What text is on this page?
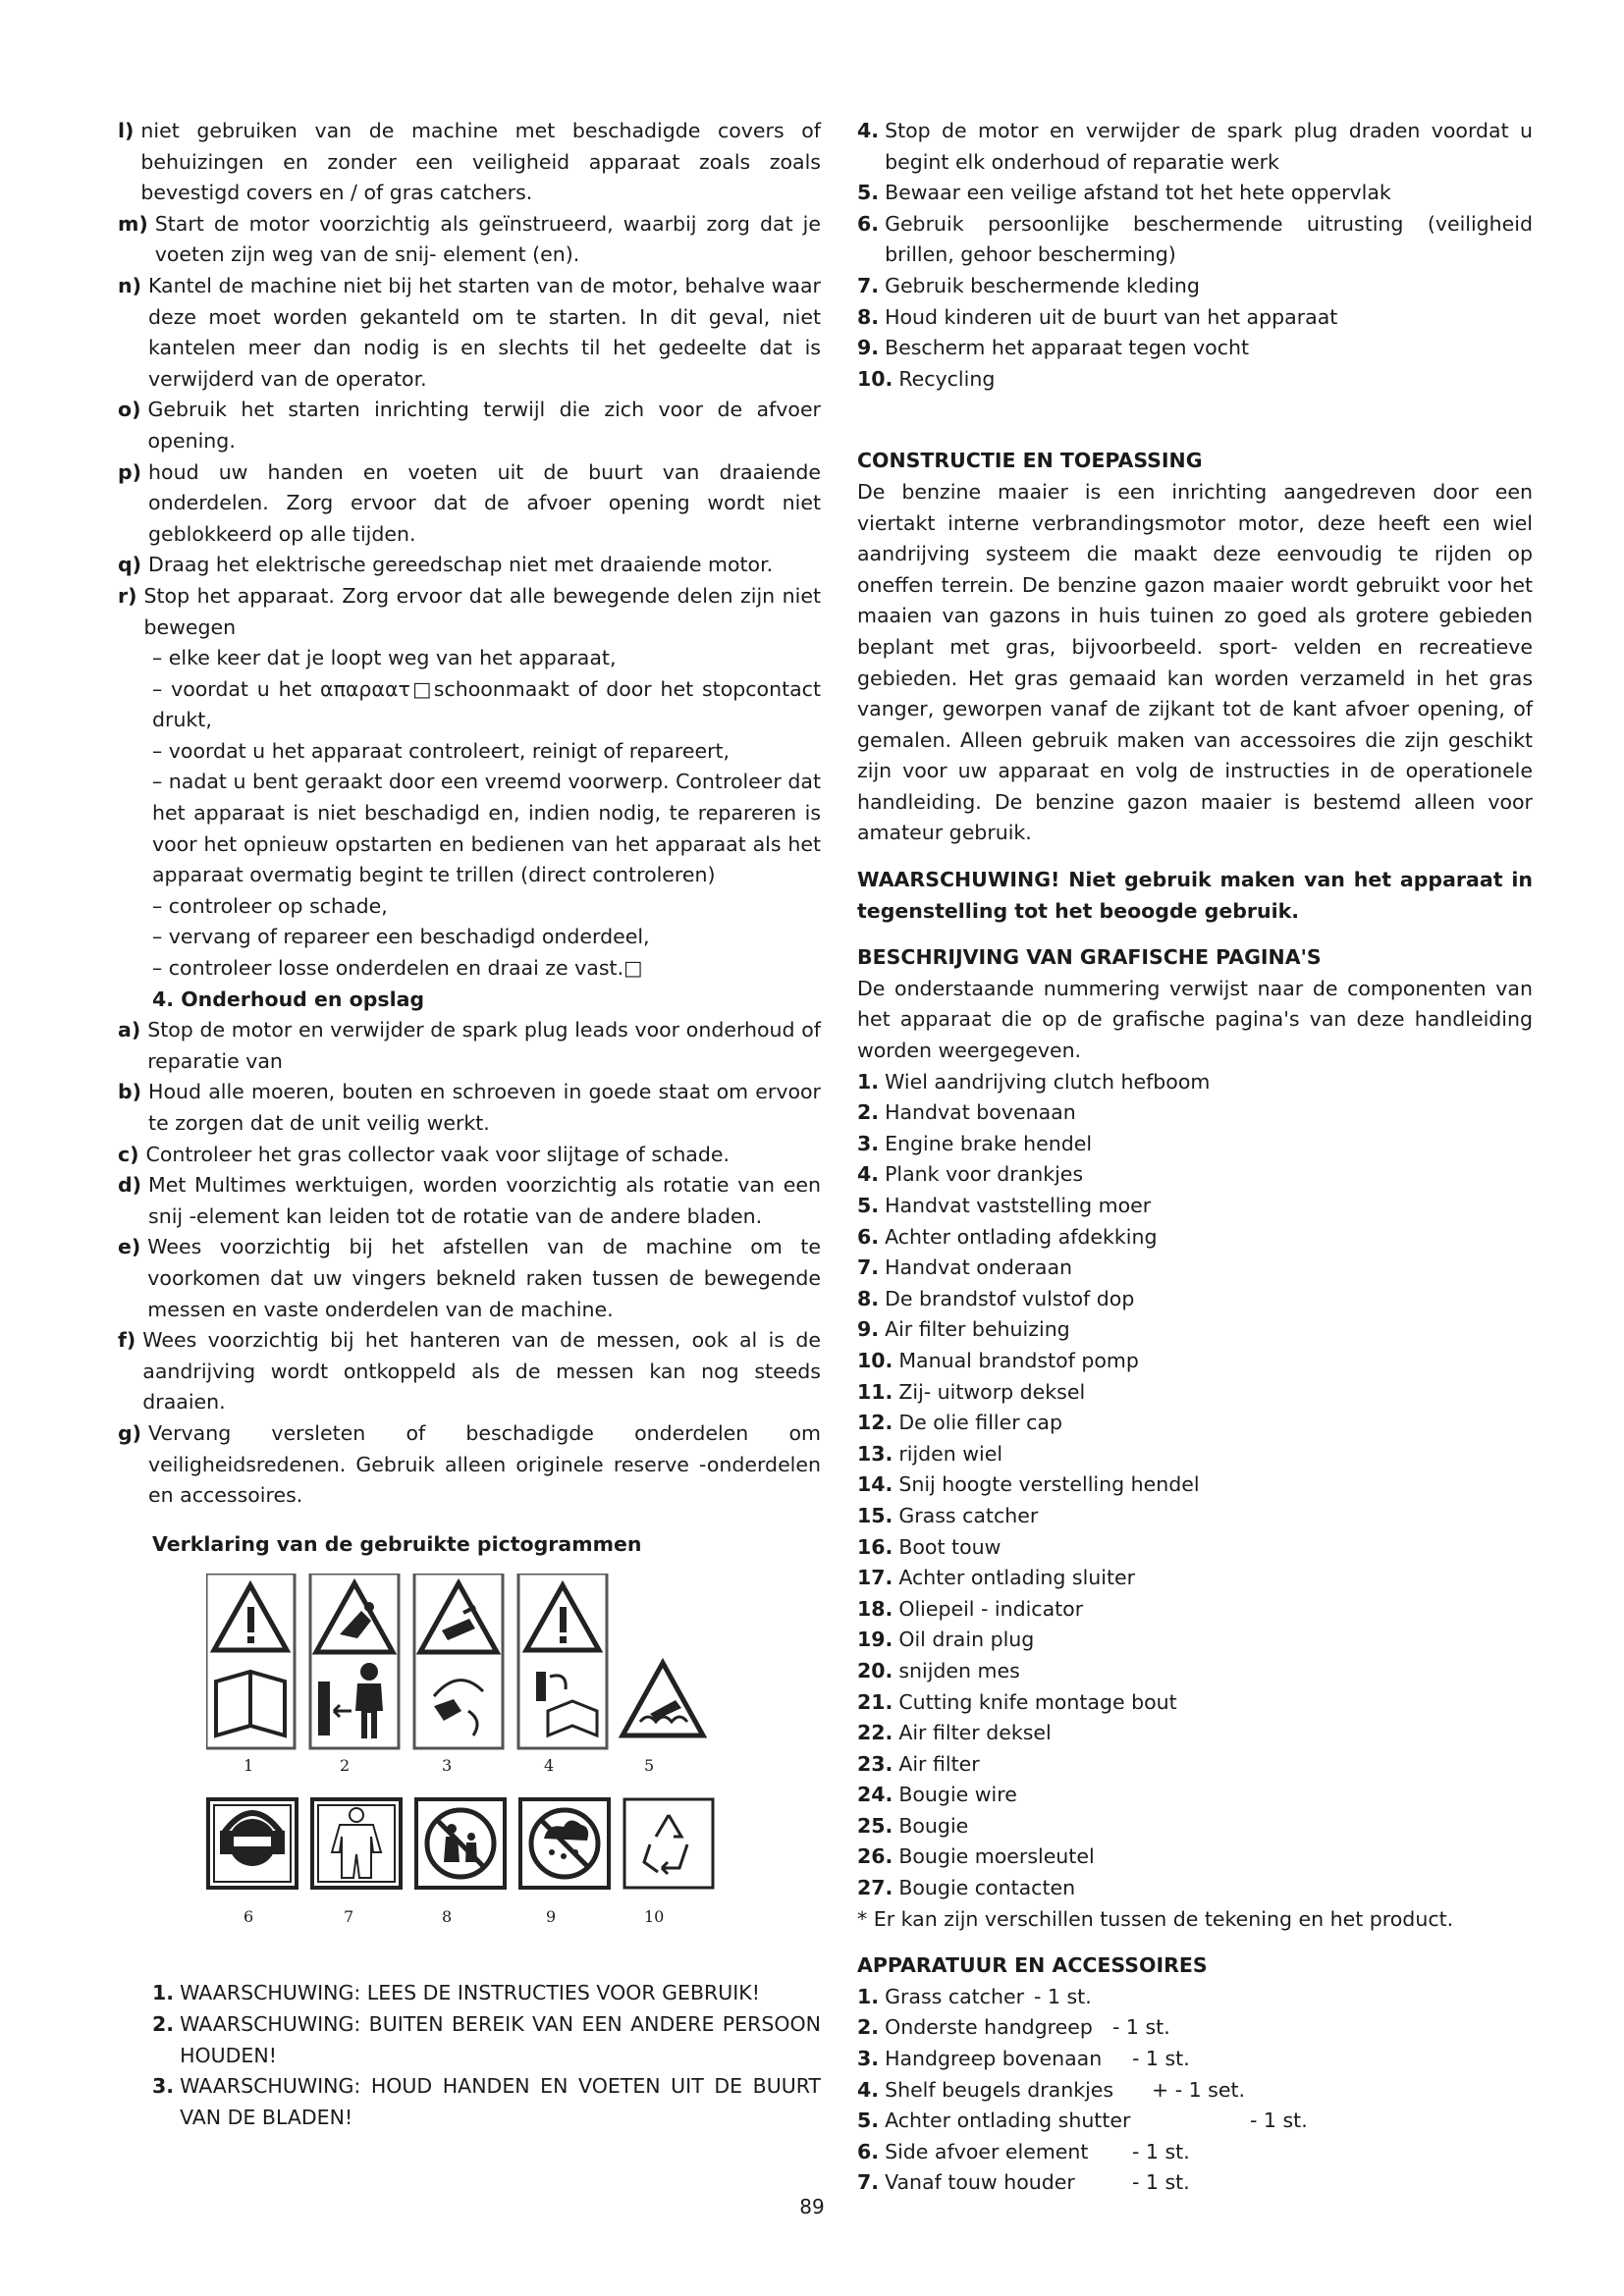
l) niet gebruiken van de machine met beschadigde covers of behuizingen en zonder een veiligheid apparaat zoals zoals bevestigd covers en / of gras catchers.
m) Start de motor voorzichtig als geïnstrueerd, waarbij zorg dat je voeten zijn weg van de snij- element (en).
n) Kantel de machine niet bij het starten van de motor, behalve waar deze moet worden gekanteld om te starten. In dit geval, niet kantelen meer dan nodig is en slechts til het gedeelte dat is verwijderd van de operator.
o) Gebruik het starten inrichting terwijl die zich voor de afvoer opening.
p) houd uw handen en voeten uit de buurt van draaiende onderdelen. Zorg ervoor dat de afvoer opening wordt niet geblokkeerd op alle tijden.
q) Draag het elektrische gereedschap niet met draaiende motor.
r) Stop het apparaat. Zorg ervoor dat alle bewegende delen zijn niet bewegen
– elke keer dat je loopt weg van het apparaat,
– voordat u het απαραατ□schoonmaakt of door het stopcontact drukt,
– voordat u het apparaat controleert, reinigt of repareert,
– nadat u bent geraakt door een vreemd voorwerp. Controleer dat het apparaat is niet beschadigd en, indien nodig, te repareren is voor het opnieuw opstarten en bedienen van het apparaat als het apparaat overmatig begint te trillen (direct controleren)
– controleer op schade,
– vervang of repareer een beschadigd onderdeel,
– controleer losse onderdelen en draai ze vast.□
4. Onderhoud en opslag
a) Stop de motor en verwijder de spark plug leads voor onderhoud of reparatie van
b) Houd alle moeren, bouten en schroeven in goede staat om ervoor te zorgen dat de unit veilig werkt.
c) Controleer het gras collector vaak voor slijtage of schade.
d) Met Multimes werktuigen, worden voorzichtig als rotatie van een snij -element kan leiden tot de rotatie van de andere bladen.
e) Wees voorzichtig bij het afstellen van de machine om te voorkomen dat uw vingers bekneld raken tussen de bewegende messen en vaste onderdelen van de machine.
f) Wees voorzichtig bij het hanteren van de messen, ook al is de aandrijving wordt ontkoppeld als de messen kan nog steeds draaien.
g) Vervang versleten of beschadigde onderdelen om veiligheidsredenen. Gebruik alleen originele reserve -onderdelen en accessoires.
Verklaring van de gebruikte pictogrammen
1	2	3	4	5
6	7	8	9	10
1. WAARSCHUWING: LEES DE INSTRUCTIES VOOR GEBRUIK!
2. WAARSCHUWING: BUITEN BEREIK VAN EEN ANDERE PERSOON HOUDEN!
3. WAARSCHUWING: HOUD HANDEN EN VOETEN UIT DE BUURT VAN DE BLADEN!
4. Stop de motor en verwijder de spark plug draden voordat u begint elk onderhoud of reparatie werk
5. Bewaar een veilige afstand tot het hete oppervlak
6. Gebruik persoonlijke beschermende uitrusting (veiligheid brillen, gehoor bescherming)
7. Gebruik beschermende kleding
8. Houd kinderen uit de buurt van het apparaat
9. Bescherm het apparaat tegen vocht
10. Recycling
CONSTRUCTIE EN TOEPASSING
De benzine maaier is een inrichting aangedreven door een viertakt interne verbrandingsmotor motor, deze heeft een wiel aandrijving systeem die maakt deze eenvoudig te rijden op oneffen terrein. De benzine gazon maaier wordt gebruikt voor het maaien van gazons in huis tuinen zo goed als grotere gebieden beplant met gras, bijvoorbeeld. sport- velden en recreatieve gebieden. Het gras gemaaid kan worden verzameld in het gras vanger, geworpen vanaf de zijkant tot de kant afvoer opening, of gemalen. Alleen gebruik maken van accessoires die zijn geschikt zijn voor uw apparaat en volg de instructies in de operationele handleiding. De benzine gazon maaier is bestemd alleen voor amateur gebruik.
WAARSCHUWING! Niet gebruik maken van het apparaat in tegenstelling tot het beoogde gebruik.
BESCHRIJVING VAN GRAFISCHE PAGINA'S
De onderstaande nummering verwijst naar de componenten van het apparaat die op de grafische pagina's van deze handleiding worden weergegeven.
1. Wiel aandrijving clutch hefboom
2. Handvat bovenaan
3. Engine brake hendel
4. Plank voor drankjes
5. Handvat vaststelling moer
6. Achter ontlading afdekking
7. Handvat onderaan
8. De brandstof vulstof dop
9. Air filter behuizing
10. Manual brandstof pomp
11. Zij- uitworp deksel
12. De olie filler cap
13. rijden wiel
14. Snij hoogte verstelling hendel
15. Grass catcher
16. Boot touw
17. Achter ontlading sluiter
18. Oliepeil - indicator
19. Oil drain plug
20. snijden mes
21. Cutting knife montage bout
22. Air filter deksel
23. Air filter
24. Bougie wire
25. Bougie
26. Bougie moersleutel
27. Bougie contacten
* Er kan zijn verschillen tussen de tekening en het product.
APPARATUUR EN ACCESSOIRES
1. Grass catcher - 1 st.
2. Onderste handgreep - 1 st.
3. Handgreep bovenaan - 1 st.
4. Shelf beugels drankjes + - 1 set.
5. Achter ontlading shutter	- 1 st.
6. Side afvoer element - 1 st.
7. Vanaf touw houder	- 1 st.
89
